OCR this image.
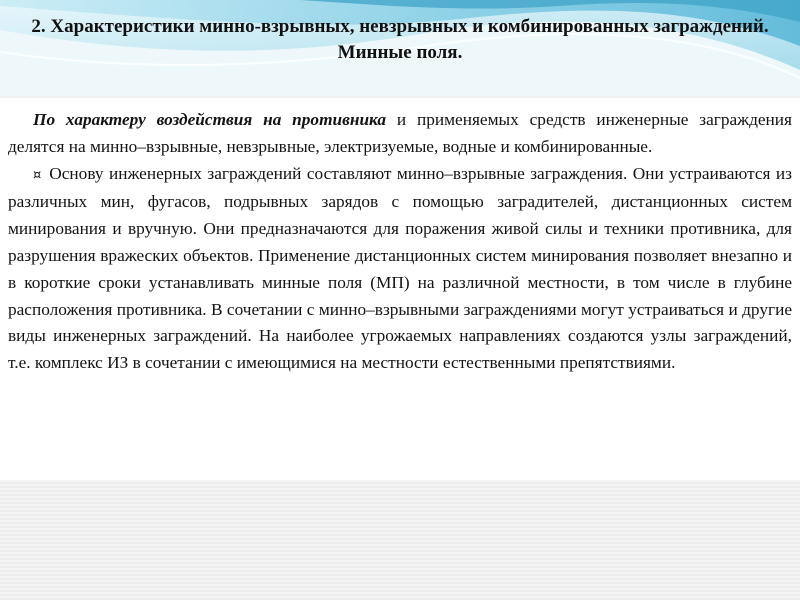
2. Характеристики минно-взрывных, невзрывных и комбинированных заграждений. Минные поля.

По характеру воздействия на противника и применяемых средств инженерные заграждения делятся на минно–взрывные, невзрывные, электризуемые, водные и комбинированные.

¤ Основу инженерных заграждений составляют минно–взрывные заграждения. Они устраиваются из различных мин, фугасов, подрывных зарядов с помощью заградителей, дистанционных систем минирования и вручную. Они предназначаются для поражения живой силы и техники противника, для разрушения вражеских объектов. Применение дистанционных систем минирования позволяет внезапно и в короткие сроки устанавливать минные поля (МП) на различной местности, в том числе в глубине расположения противника. В сочетании с минно–взрывными заграждениями могут устраиваться и другие виды инженерных заграждений. На наиболее угрожаемых направлениях создаются узлы заграждений, т.е. комплекс ИЗ в сочетании с имеющимися на местности естественными препятствиями.
